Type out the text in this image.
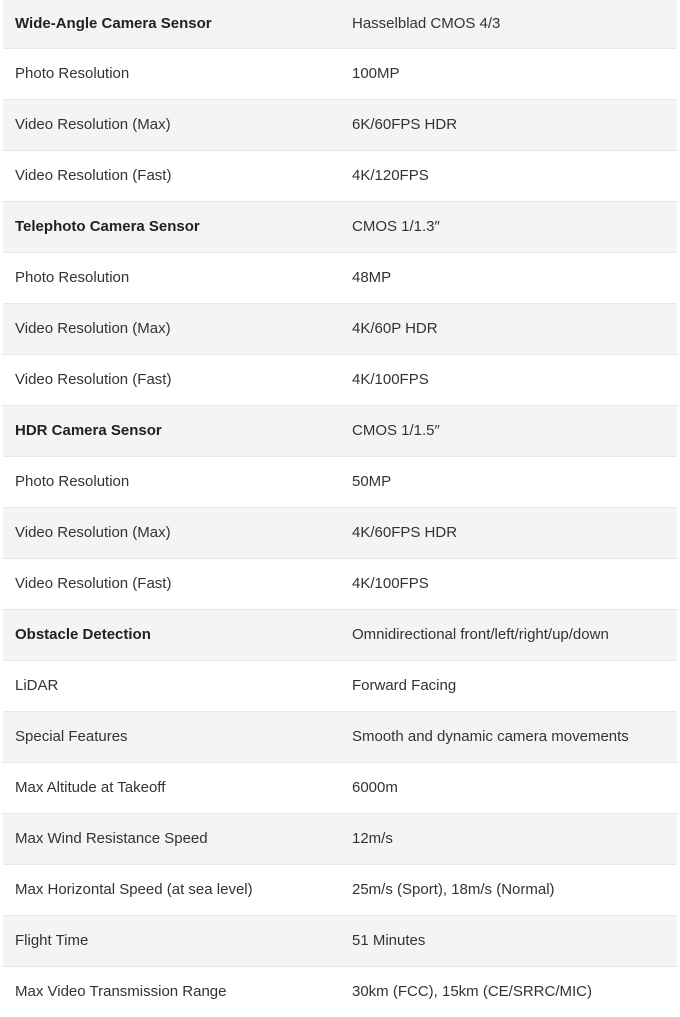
Wide-Angle Camera Sensor	Hasselblad CMOS 4/3
Photo Resolution	100MP
Video Resolution (Max)	6K/60FPS HDR
Video Resolution (Fast)	4K/120FPS
Telephoto Camera Sensor	CMOS 1/1.3″
Photo Resolution	48MP
Video Resolution (Max)	4K/60P HDR
Video Resolution (Fast)	4K/100FPS
HDR Camera Sensor	CMOS 1/1.5″
Photo Resolution	50MP
Video Resolution (Max)	4K/60FPS HDR
Video Resolution (Fast)	4K/100FPS
Obstacle Detection	Omnidirectional front/left/right/up/down
LiDAR	Forward Facing
Special Features	Smooth and dynamic camera movements
Max Altitude at Takeoff	6000m
Max Wind Resistance Speed	12m/s
Max Horizontal Speed (at sea level)	25m/s (Sport), 18m/s (Normal)
Flight Time	51 Minutes
Max Video Transmission Range	30km (FCC), 15km (CE/SRRC/MIC)
